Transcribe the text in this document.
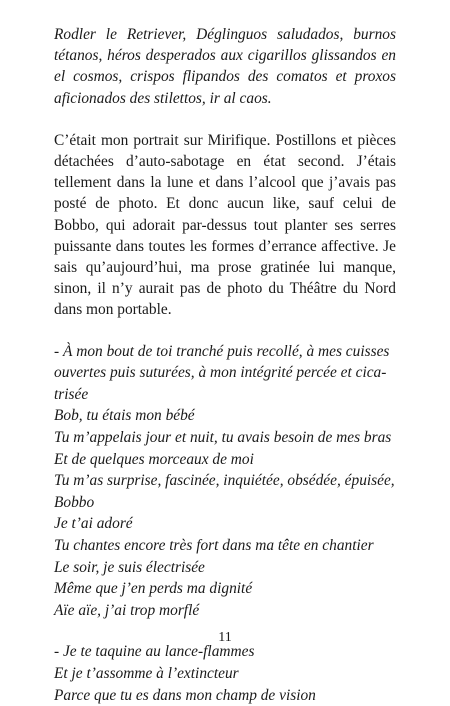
Rodler le Retriever, Déglinguos saludados, burnos tétanos, héros desperados aux cigarillos glissandos en el cosmos, crispos flipandos des comatos et proxos aficionados des stilettos, ir al caos.

C’était mon portrait sur Mirifique. Postillons et pièces détachées d’auto-sabotage en état second. J’étais tellement dans la lune et dans l’alcool que j’avais pas posté de photo. Et donc aucun like, sauf celui de Bobbo, qui adorait par-dessus tout planter ses serres puissante dans toutes les formes d’errance affective. Je sais qu’aujourd’hui, ma prose gratinée lui manque, sinon, il n’y aurait pas de photo du Théâtre du Nord dans mon portable.

- À mon bout de toi tranché puis recollé, à mes cuisses
ouvertes puis suturées, à mon intégrité percée et cica-
trisée
Bob, tu étais mon bébé
Tu m’appelais jour et nuit, tu avais besoin de mes bras
Et de quelques morceaux de moi
Tu m’as surprise, fascinée, inquiétée, obsédée, épuisée,
Bobbo
Je t’ai adoré
Tu chantes encore très fort dans ma tête en chantier
Le soir, je suis électrisée
Même que j’en perds ma dignité
Aïe aïe, j’ai trop morflé
- Je te taquine au lance-flammes
Et je t’assomme à l’extincteur
Parce que tu es dans mon champ de vision
11
